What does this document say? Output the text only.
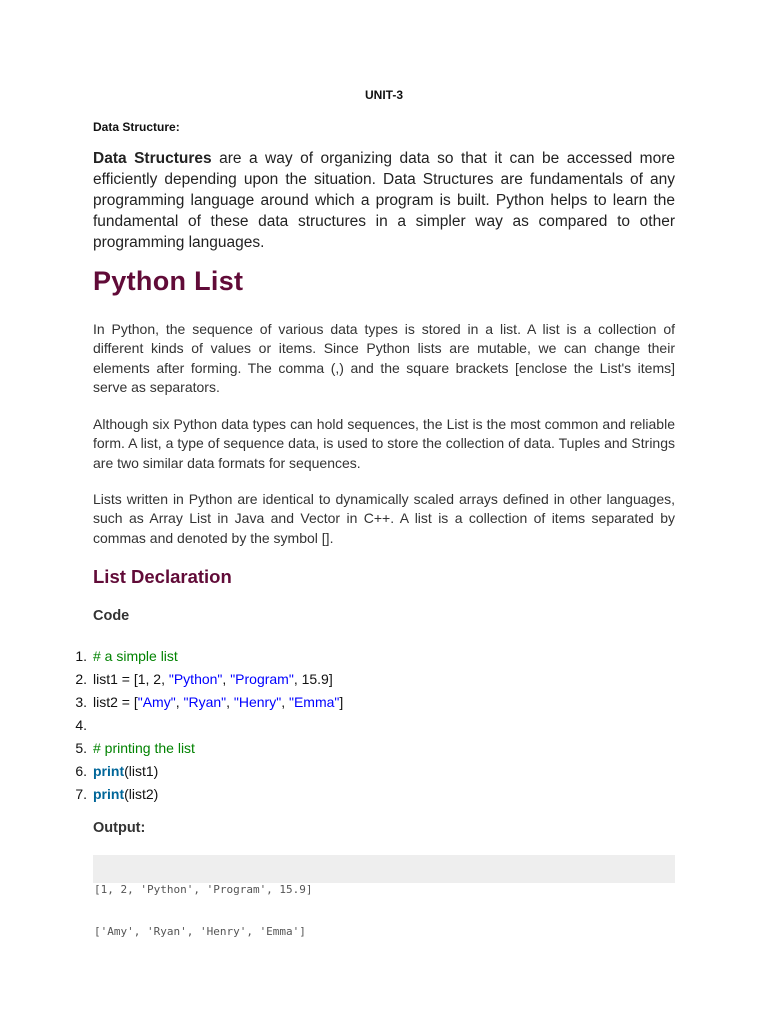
UNIT-3
Data Structure:
Data Structures are a way of organizing data so that it can be accessed more efficiently depending upon the situation. Data Structures are fundamentals of any programming language around which a program is built. Python helps to learn the fundamental of these data structures in a simpler way as compared to other programming languages.
Python List
In Python, the sequence of various data types is stored in a list. A list is a collection of different kinds of values or items. Since Python lists are mutable, we can change their elements after forming. The comma (,) and the square brackets [enclose the List's items] serve as separators.
Although six Python data types can hold sequences, the List is the most common and reliable form. A list, a type of sequence data, is used to store the collection of data. Tuples and Strings are two similar data formats for sequences.
Lists written in Python are identical to dynamically scaled arrays defined in other languages, such as Array List in Java and Vector in C++. A list is a collection of items separated by commas and denoted by the symbol [].
List Declaration
Code
1. # a simple list
2. list1 = [1, 2, "Python", "Program", 15.9]
3. list2 = ["Amy", "Ryan", "Henry", "Emma"]
4.
5. # printing the list
6. print(list1)
7. print(list2)
Output:

[1, 2, 'Python', 'Program', 15.9]

['Amy', 'Ryan', 'Henry', 'Emma']
